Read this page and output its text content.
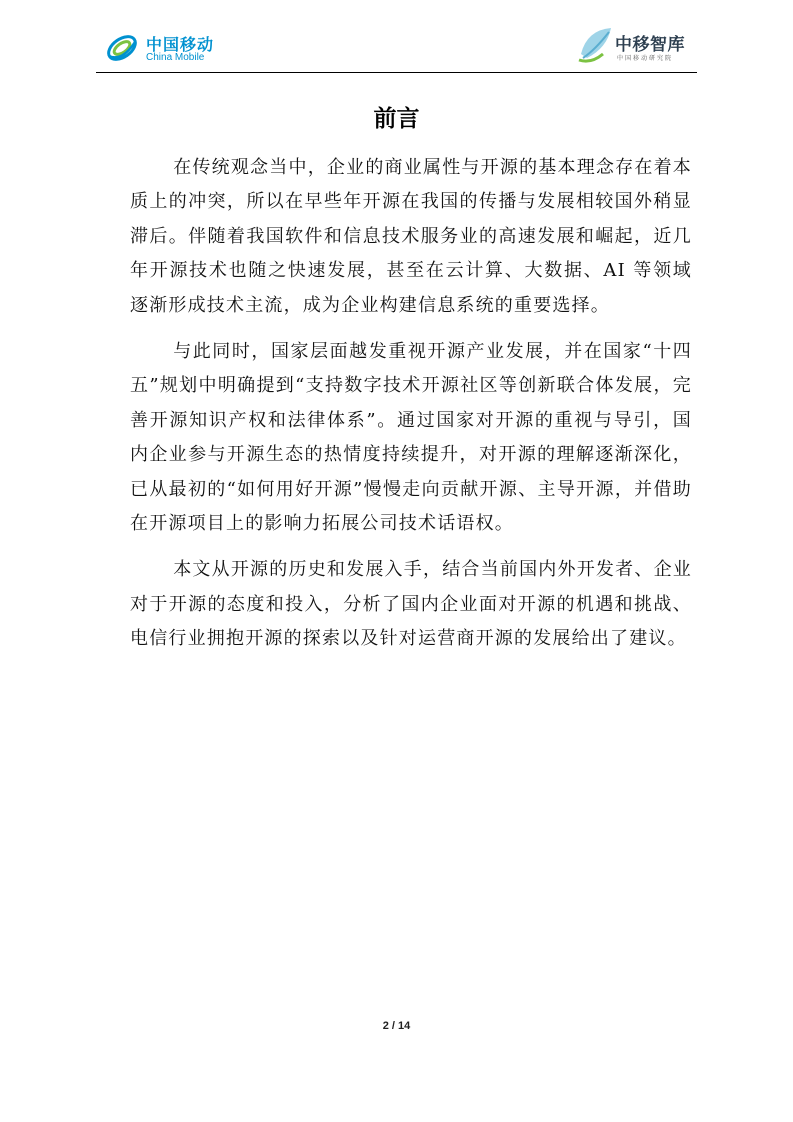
中国移动
China Mobile
中移智库
中国移动研究院
前言

在传统观念当中，企业的商业属性与开源的基本理念存在着本质上的冲突，所以在早些年开源在我国的传播与发展相较国外稍显滞后。伴随着我国软件和信息技术服务业的高速发展和崛起，近几年开源技术也随之快速发展，甚至在云计算、大数据、AI 等领域逐渐形成技术主流，成为企业构建信息系统的重要选择。

与此同时，国家层面越发重视开源产业发展，并在国家“十四五”规划中明确提到“支持数字技术开源社区等创新联合体发展，完善开源知识产权和法律体系”。通过国家对开源的重视与导引，国内企业参与开源生态的热情度持续提升，对开源的理解逐渐深化，已从最初的“如何用好开源”慢慢走向贡献开源、主导开源，并借助在开源项目上的影响力拓展公司技术话语权。

本文从开源的历史和发展入手，结合当前国内外开发者、企业对于开源的态度和投入，分析了国内企业面对开源的机遇和挑战、电信行业拥抱开源的探索以及针对运营商开源的发展给出了建议。

2 / 14
